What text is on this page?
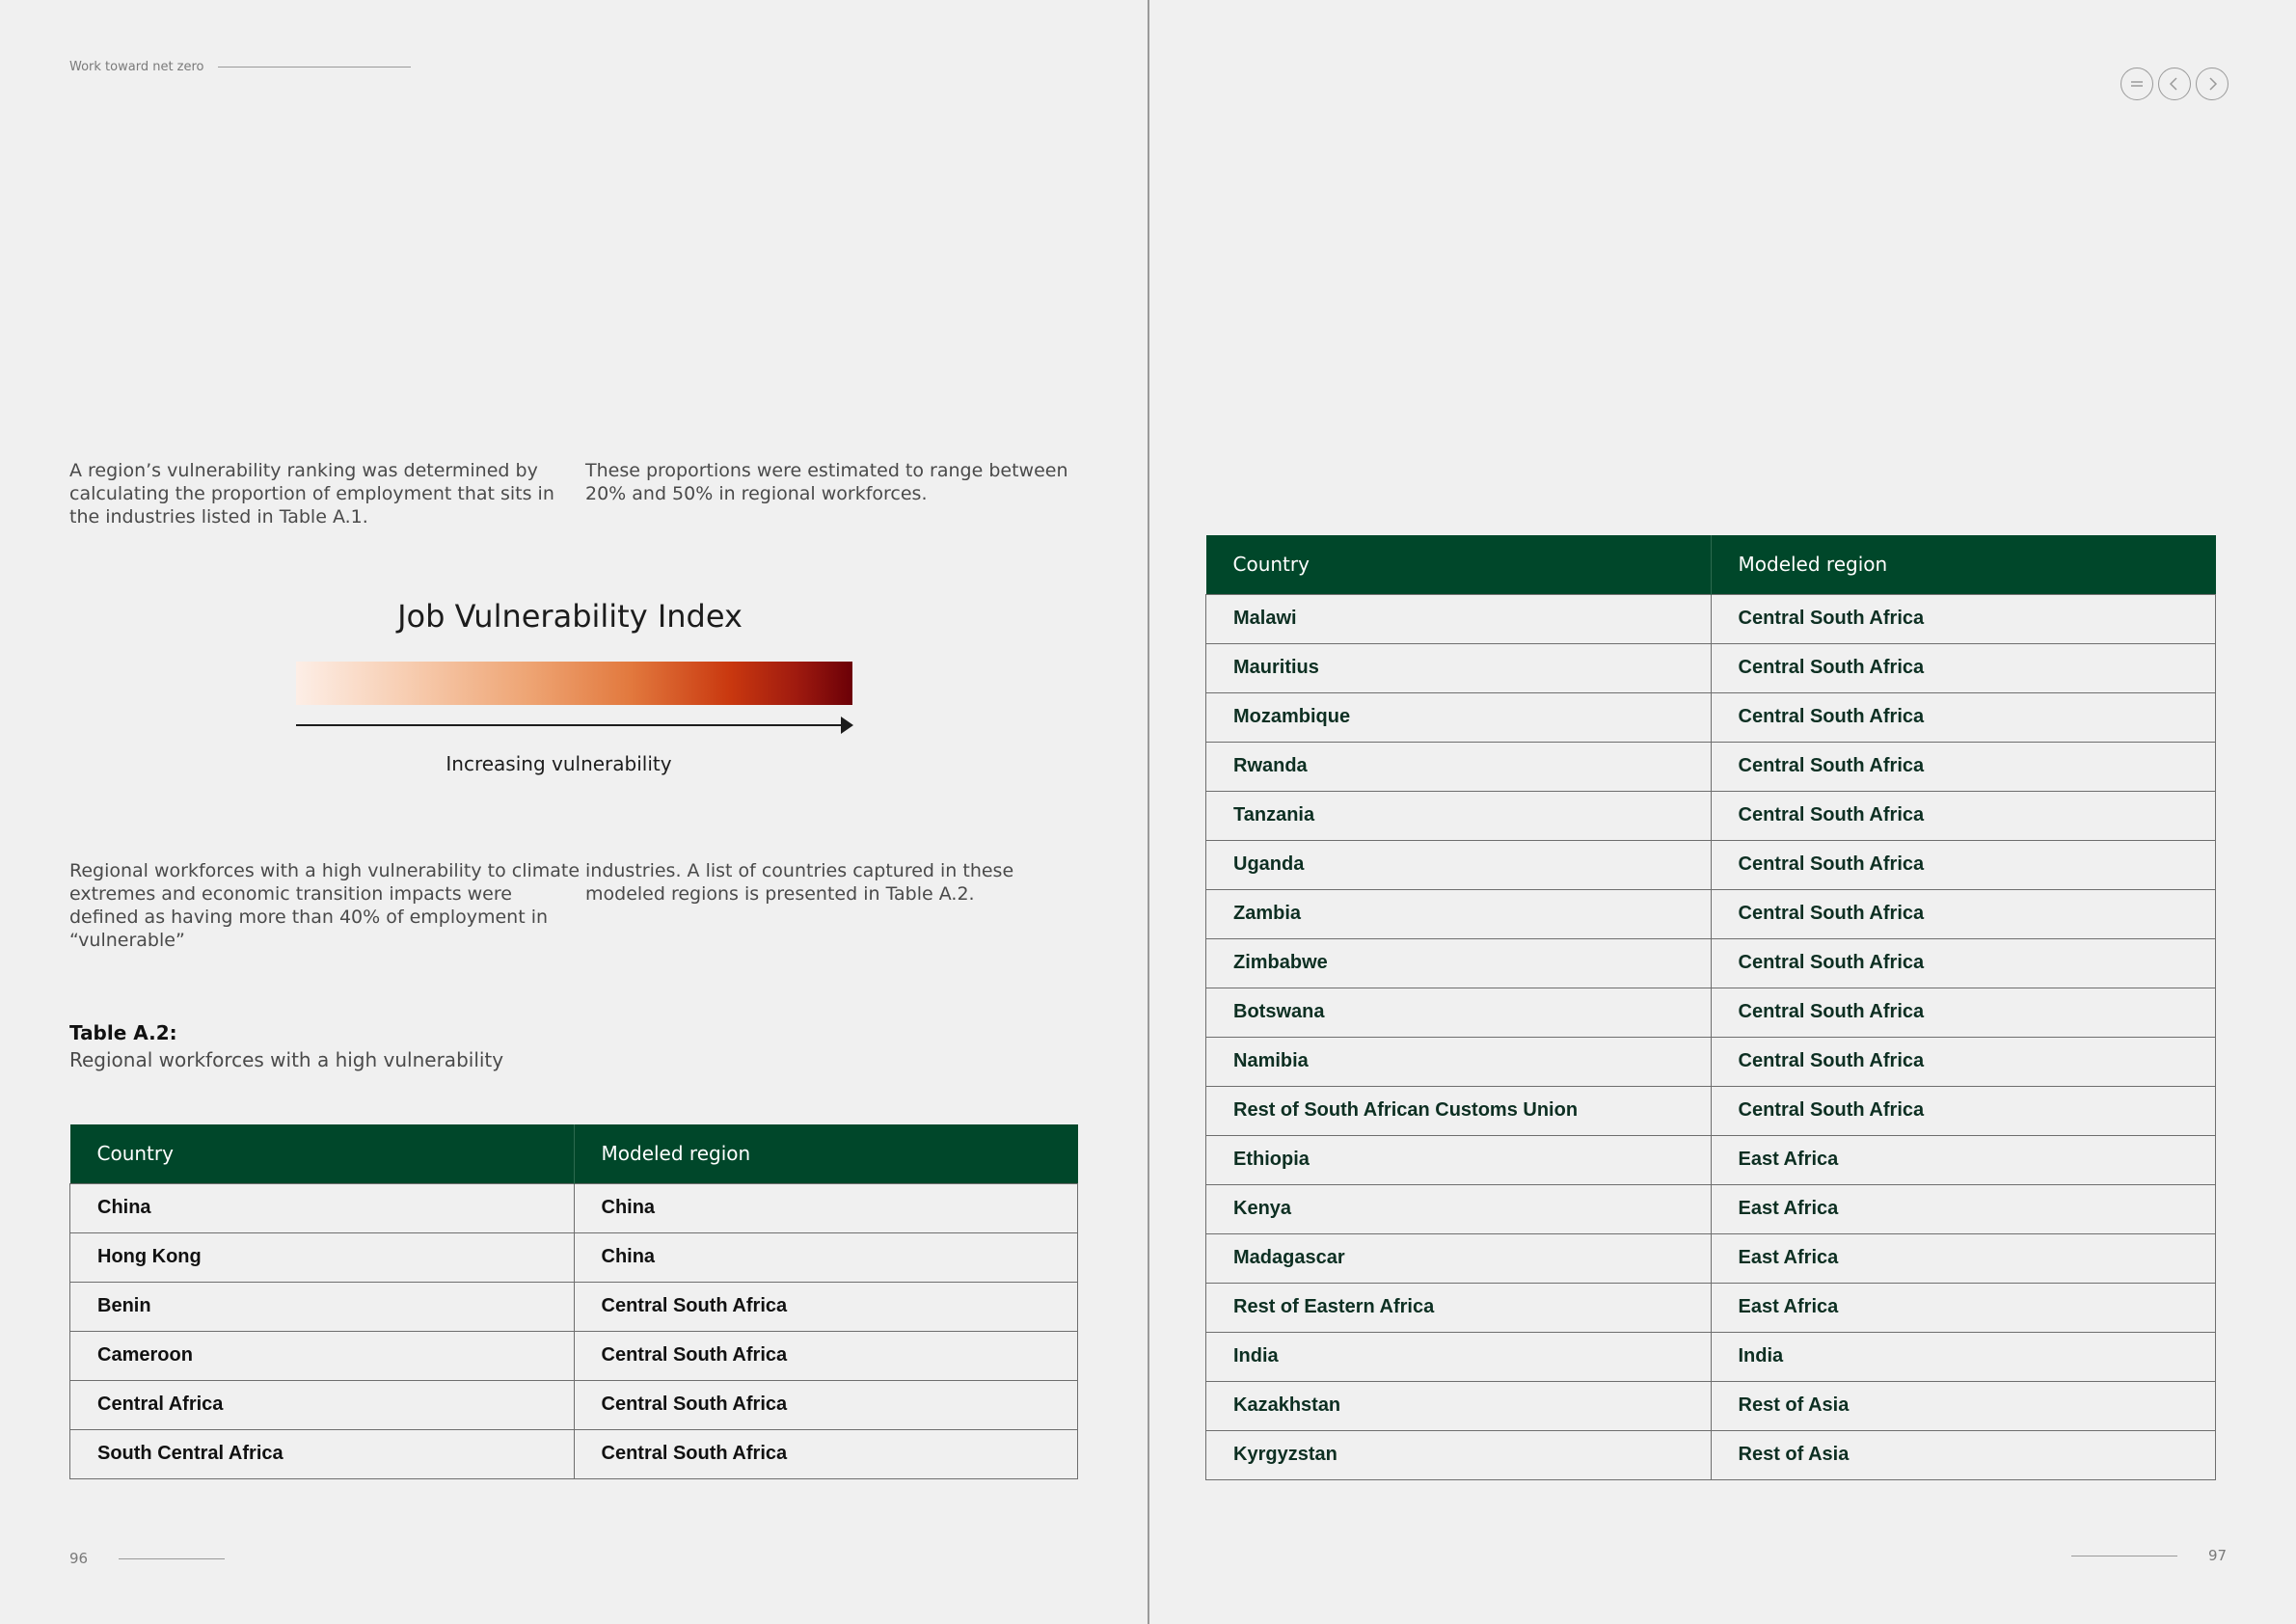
Work toward net zero

A region’s vulnerability ranking was determined by calculating the proportion of employment that sits in the industries listed in Table A.1.

These proportions were estimated to range between 20% and 50% in regional workforces.

Job Vulnerability Index
Increasing vulnerability

Regional workforces with a high vulnerability to climate extremes and economic transition impacts were defined as having more than 40% of employment in “vulnerable”

industries. A list of countries captured in these modeled regions is presented in Table A.2.

Table A.2:
Regional workforces with a high vulnerability
Country	Modeled region
China	China
Hong Kong	China
Benin	Central South Africa
Cameroon	Central South Africa
Central Africa	Central South Africa
South Central Africa	Central South Africa
Country	Modeled region
Malawi	Central South Africa
Mauritius	Central South Africa
Mozambique	Central South Africa
Rwanda	Central South Africa
Tanzania	Central South Africa
Uganda	Central South Africa
Zambia	Central South Africa
Zimbabwe	Central South Africa
Botswana	Central South Africa
Namibia	Central South Africa
Rest of South African Customs Union	Central South Africa
Ethiopia	East Africa
Kenya	East Africa
Madagascar	East Africa
Rest of Eastern Africa	East Africa
India	India
Kazakhstan	Rest of Asia
Kyrgyzstan	Rest of Asia
96	97
